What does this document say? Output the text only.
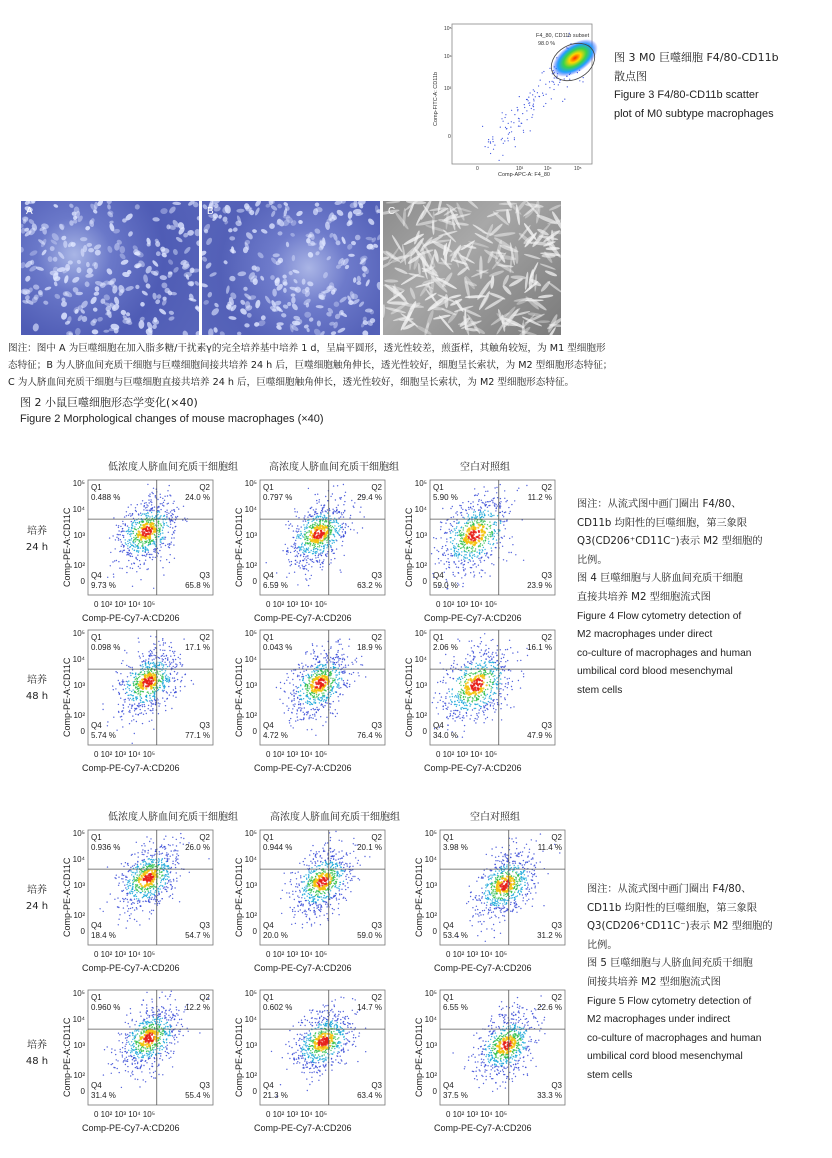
F4_80, CD11b subset
98.0 %
Comp-FITC-A: CD11b
Comp-APC-A: F4_80
10⁵
10⁴
10³
0
0	10³	10⁴	10⁵
图 3 M0 巨噬细胞 F4/80-CD11b
散点图
Figure 3 F4/80-CD11b scatter
plot of M0 subtype macrophages
A	B	C
图注：图中 A 为巨噬细胞在加入脂多糖/干扰素γ的完全培养基中培养 1 d，呈扁平圆形，透光性较差，煎蛋样，其触角较短，为 M1 型细胞形
态特征；B 为人脐血间充质干细胞与巨噬细胞间接共培养 24 h 后，巨噬细胞触角伸长，透光性较好，细胞呈长索状，为 M2 型细胞形态特征；
C 为人脐血间充质干细胞与巨噬细胞直接共培养 24 h 后，巨噬细胞触角伸长，透光性较好，细胞呈长索状，为 M2 型细胞形态特征。
图 2 小鼠巨噬细胞形态学变化(×40)
Figure 2 Morphological changes of mouse macrophages (×40)
低浓度人脐血间充质干细胞组	高浓度人脐血间充质干细胞组	空白对照组
培养
24 h
培养
48 h
低浓度人脐血间充质干细胞组	高浓度人脐血间充质干细胞组	空白对照组
培养
24 h
培养
48 h
Q1
0.488 %
Q2
24.0 %
Q4
9.73 %
Q3
65.8 %
10⁵
10⁴
10³
10²
0
0 10² 10³ 10⁴ 10⁵
Comp-PE-A:CD11C
Comp-PE-Cy7-A:CD206
Q1
0.797 %
Q2
29.4 %
Q4
6.59 %
Q3
63.2 %
10⁵
10⁴
10³
10²
0
0 10² 10³ 10⁴ 10⁵
Comp-PE-A:CD11C
Comp-PE-Cy7-A:CD206
Q1
5.90 %
Q2
11.2 %
Q4
59.0 %
Q3
23.9 %
10⁵
10⁴
10³
10²
0
0 10² 10³ 10⁴ 10⁵
Comp-PE-A:CD11C
Comp-PE-Cy7-A:CD206
Q1
0.098 %
Q2
17.1 %
Q4
5.74 %
Q3
77.1 %
10⁵
10⁴
10³
10²
0
0 10² 10³ 10⁴ 10⁵
Comp-PE-A:CD11C
Comp-PE-Cy7-A:CD206
Q1
0.043 %
Q2
18.9 %
Q4
4.72 %
Q3
76.4 %
10⁵
10⁴
10³
10²
0
0 10² 10³ 10⁴ 10⁵
Comp-PE-A:CD11C
Comp-PE-Cy7-A:CD206
Q1
2.06 %
Q2
16.1 %
Q4
34.0 %
Q3
47.9 %
10⁵
10⁴
10³
10²
0
0 10² 10³ 10⁴ 10⁵
Comp-PE-A:CD11C
Comp-PE-Cy7-A:CD206
Q1
0.936 %
Q2
26.0 %
Q4
18.4 %
Q3
54.7 %
10⁵
10⁴
10³
10²
0
0 10² 10³ 10⁴ 10⁵
Comp-PE-A:CD11C
Comp-PE-Cy7-A:CD206
Q1
0.944 %
Q2
20.1 %
Q4
20.0 %
Q3
59.0 %
10⁵
10⁴
10³
10²
0
0 10² 10³ 10⁴ 10⁵
Comp-PE-A:CD11C
Comp-PE-Cy7-A:CD206
Q1
3.98 %
Q2
11.4 %
Q4
53.4 %
Q3
31.2 %
10⁵
10⁴
10³
10²
0
0 10² 10³ 10⁴ 10⁵
Comp-PE-A:CD11C
Comp-PE-Cy7-A:CD206
Q1
0.960 %
Q2
12.2 %
Q4
31.4 %
Q3
55.4 %
10⁵
10⁴
10³
10²
0
0 10² 10³ 10⁴ 10⁵
Comp-PE-A:CD11C
Comp-PE-Cy7-A:CD206
Q1
0.602 %
Q2
14.7 %
Q4
21.3 %
Q3
63.4 %
10⁵
10⁴
10³
10²
0
0 10² 10³ 10⁴ 10⁵
Comp-PE-A:CD11C
Comp-PE-Cy7-A:CD206
Q1
6.55 %
Q2
22.6 %
Q4
37.5 %
Q3
33.3 %
10⁵
10⁴
10³
10²
0
0 10² 10³ 10⁴ 10⁵
Comp-PE-A:CD11C
Comp-PE-Cy7-A:CD206
图注：从流式图中画门圈出 F4/80、
CD11b 均阳性的巨噬细胞，第三象限
Q3(CD206⁺CD11C⁻)表示 M2 型细胞的
比例。
图 4 巨噬细胞与人脐血间充质干细胞
直接共培养 M2 型细胞流式图
Figure 4 Flow cytometry detection of
M2 macrophages under direct
co-culture of macrophages and human
umbilical cord blood mesenchymal
stem cells
图注：从流式图中画门圈出 F4/80、
CD11b 均阳性的巨噬细胞，第三象限
Q3(CD206⁺CD11C⁻)表示 M2 型细胞的
比例。
图 5 巨噬细胞与人脐血间充质干细胞
间接共培养 M2 型细胞流式图
Figure 5 Flow cytometry detection of
M2 macrophages under indirect
co-culture of macrophages and human
umbilical cord blood mesenchymal
stem cells
